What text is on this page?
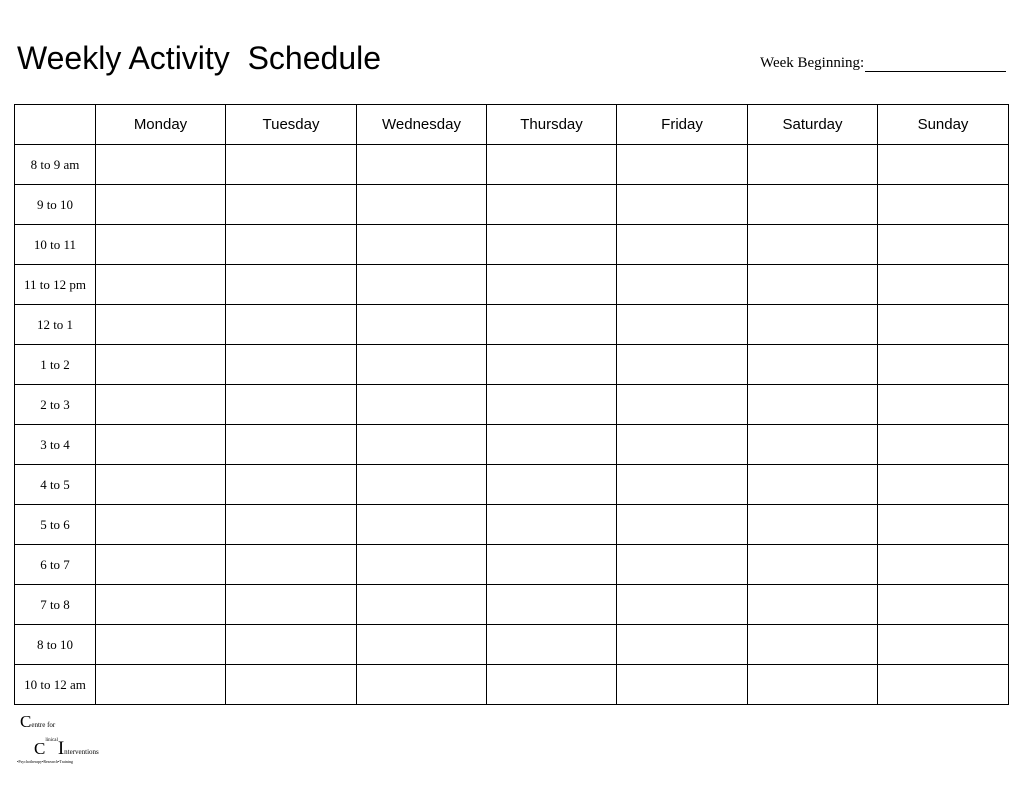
Weekly Activity  Schedule	Week Beginning:
	Monday	Tuesday	Wednesday	Thursday	Friday	Saturday	Sunday
8 to 9 am							
9 to 10							
10 to 11							
11 to 12 pm							
12 to 1							
1 to 2							
2 to 3							
3 to 4							
4 to 5							
5 to 6							
6 to 7							
7 to 8							
8 to 10							
10 to 12 am							
Centre for
$C^{linical}Interventions$
•Psychotherapy•Research•Training
